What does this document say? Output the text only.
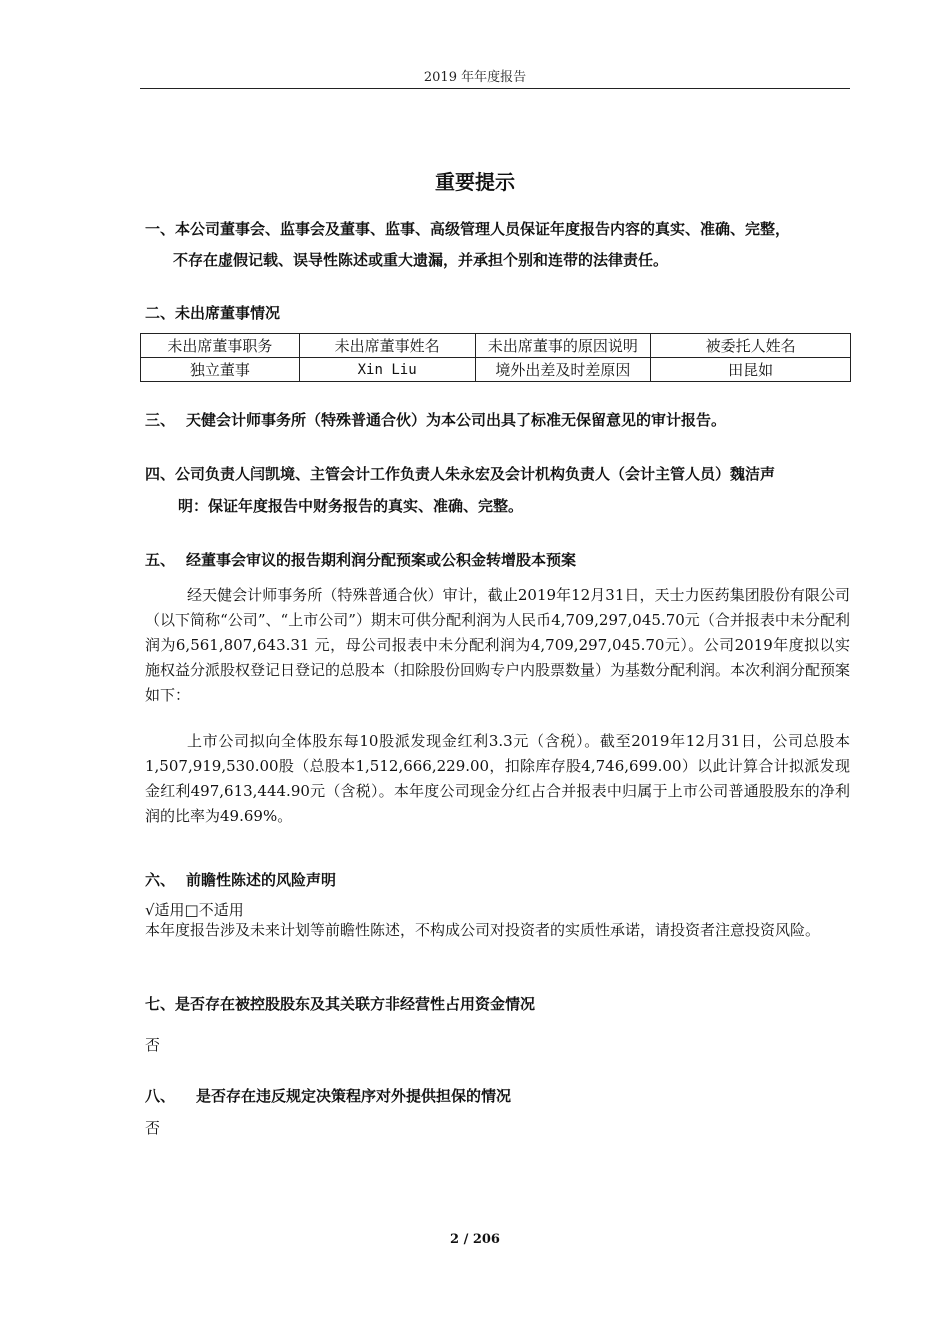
2019 年年度报告
重要提示
一、本公司董事会、监事会及董事、监事、高级管理人员保证年度报告内容的真实、准确、完整，
不存在虚假记载、误导性陈述或重大遗漏，并承担个别和连带的法律责任。
二、未出席董事情况
未出席董事职务	未出席董事姓名	未出席董事的原因说明	被委托人姓名
独立董事	Xin Liu	境外出差及时差原因	田昆如
三、 天健会计师事务所（特殊普通合伙）为本公司出具了标准无保留意见的审计报告。
四、公司负责人闫凯境、主管会计工作负责人朱永宏及会计机构负责人（会计主管人员）魏洁声
明：保证年度报告中财务报告的真实、准确、完整。
五、 经董事会审议的报告期利润分配预案或公积金转增股本预案
经天健会计师事务所（特殊普通合伙）审计，截止2019年12月31日，天士力医药集团股份有限公司（以下简称“公司”、“上市公司”）期末可供分配利润为人民币4,709,297,045.70元（合并报表中未分配利润为6,561,807,643.31 元，母公司报表中未分配利润为4,709,297,045.70元）。公司2019年度拟以实施权益分派股权登记日登记的总股本（扣除股份回购专户内股票数量）为基数分配利润。本次利润分配预案如下：
上市公司拟向全体股东每10股派发现金红利3.3元（含税）。截至2019年12月31日，公司总股本1,507,919,530.00股（总股本1,512,666,229.00，扣除库存股4,746,699.00）以此计算合计拟派发现金红利497,613,444.90元（含税）。本年度公司现金分红占合并报表中归属于上市公司普通股股东的净利润的比率为49.69%。
六、 前瞻性陈述的风险声明
√适用□不适用
本年度报告涉及未来计划等前瞻性陈述，不构成公司对投资者的实质性承诺，请投资者注意投资风险。
七、是否存在被控股股东及其关联方非经营性占用资金情况
否
八、 是否存在违反规定决策程序对外提供担保的情况
否
2 / 206
